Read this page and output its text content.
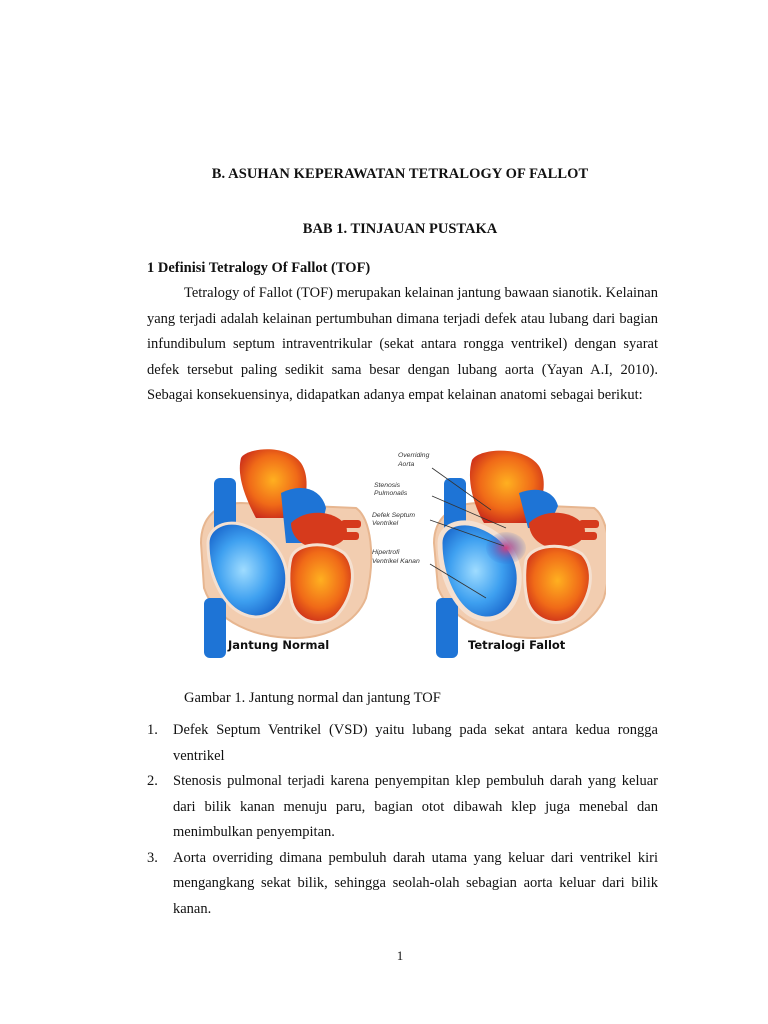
B. ASUHAN KEPERAWATAN TETRALOGY OF FALLOT
BAB 1. TINJAUAN PUSTAKA
1 Definisi Tetralogy Of Fallot (TOF)

Tetralogy of Fallot (TOF) merupakan kelainan jantung bawaan sianotik. Kelainan yang terjadi adalah kelainan pertumbuhan dimana terjadi defek atau lubang dari bagian infundibulum septum intraventrikular (sekat antara rongga ventrikel) dengan syarat defek tersebut paling sedikit sama besar dengan lubang aorta (Yayan A.I, 2010). Sebagai konsekuensinya, didapatkan adanya empat kelainan anatomi sebagai berikut:

Overriding
Aorta
Stenosis
Pulmonalis
Defek Septum
Ventrikel
Hipertrofi
Ventrikel Kanan
Jantung Normal	Tetralogi Fallot
Gambar 1. Jantung normal dan jantung TOF
1. Defek Septum Ventrikel (VSD) yaitu lubang pada sekat antara kedua rongga ventrikel
2. Stenosis pulmonal terjadi karena penyempitan klep pembuluh darah yang keluar dari bilik kanan menuju paru, bagian otot dibawah klep juga menebal dan menimbulkan penyempitan.
3. Aorta overriding dimana pembuluh darah utama yang keluar dari ventrikel kiri mengangkang sekat bilik, sehingga seolah-olah sebagian aorta keluar dari bilik kanan.
1
